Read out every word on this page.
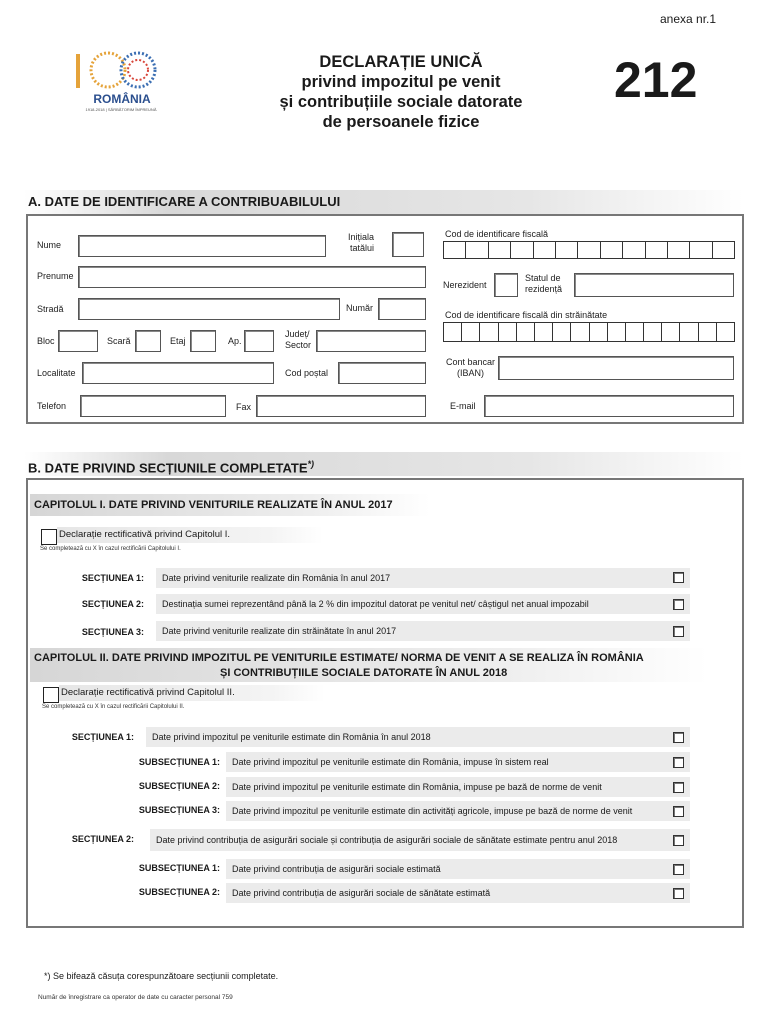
anexa nr.1
ROMÂNIA
1918-2018 | SĂRBĂTORIM ÎMPREUNĂ
DECLARAȚIE UNICĂ
privind impozitul pe venit
și contribuțiile sociale datorate
de persoanele fizice
212
A. DATE DE IDENTIFICARE A CONTRIBUABILULUI
Nume
Inițiala
tatălui
Prenume
Stradă	Număr
Bloc	Scară	Etaj	Ap.
Județ/
Sector
Localitate	Cod poștal
Telefon	Fax
Cod de identificare fiscală
Nerezident
Statul de
rezidență
Cod de identificare fiscală din străinătate
Cont bancar
(IBAN)
E-mail
B. DATE PRIVIND SECȚIUNILE COMPLETATE*)
CAPITOLUL I. DATE PRIVIND VENITURILE REALIZATE ÎN ANUL 2017
Declarație rectificativă privind Capitolul I.
Se completează cu X în cazul rectificării Capitolului I.
SECȚIUNEA 1:	Date privind veniturile realizate din România în anul 2017
SECȚIUNEA 2:	Destinația sumei reprezentând până la 2 % din impozitul datorat pe venitul net/ câștigul net anual impozabil
SECȚIUNEA 3:	Date privind veniturile realizate din străinătate în anul 2017
CAPITOLUL II. DATE PRIVIND IMPOZITUL PE VENITURILE ESTIMATE/ NORMA DE VENIT A SE REALIZA ÎN ROMÂNIA
ȘI CONTRIBUȚIILE SOCIALE DATORATE ÎN ANUL 2018
Declarație rectificativă privind Capitolul II.
Se completează cu X în cazul rectificării Capitolului II.
SECȚIUNEA 1:	Date privind impozitul pe veniturile estimate din România în anul 2018
SUBSECȚIUNEA 1:	Date privind impozitul pe veniturile estimate din România, impuse în sistem real
SUBSECȚIUNEA 2:	Date privind impozitul pe veniturile estimate din România, impuse pe bază de norme de venit
SUBSECȚIUNEA 3:	Date privind impozitul pe veniturile estimate din activități agricole, impuse pe bază de norme de venit
SECȚIUNEA 2:	Date privind contribuția de asigurări sociale și contribuția de asigurări sociale de sănătate estimate pentru anul 2018
SUBSECȚIUNEA 1:	Date privind contribuția de asigurări sociale estimată
SUBSECȚIUNEA 2:	Date privind contribuția de asigurări sociale de sănătate estimată
*) Se bifează căsuța corespunzătoare secțiunii completate.
Număr de înregistrare ca operator de date cu caracter personal 759
